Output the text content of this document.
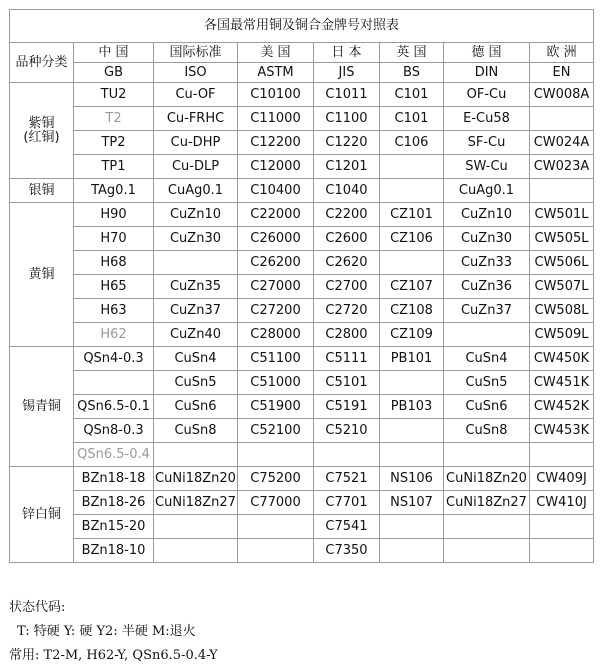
各国最常用铜及铜合金牌号对照表							
品种分类	中 国	国际标准	美 国	日 本	英 国	德 国	欧 洲
	GB	ISO	ASTM	JIS	BS	DIN	EN
紫铜
(红铜)	TU2	Cu-OF	C10100	C1011	C101	OF-Cu	CW008A
	T2	Cu-FRHC	C11000	C1100	C101	E-Cu58	
	TP2	Cu-DHP	C12200	C1220	C106	SF-Cu	CW024A
	TP1	Cu-DLP	C12000	C1201		SW-Cu	CW023A
银铜	TAg0.1	CuAg0.1	C10400	C1040		CuAg0.1	
黄铜	H90	CuZn10	C22000	C2200	CZ101	CuZn10	CW501L
	H70	CuZn30	C26000	C2600	CZ106	CuZn30	CW505L
	H68		C26200	C2620		CuZn33	CW506L
	H65	CuZn35	C27000	C2700	CZ107	CuZn36	CW507L
	H63	CuZn37	C27200	C2720	CZ108	CuZn37	CW508L
	H62	CuZn40	C28000	C2800	CZ109		CW509L
锡青铜	QSn4-0.3	CuSn4	C51100	C5111	PB101	CuSn4	CW450K
		CuSn5	C51000	C5101		CuSn5	CW451K
	QSn6.5-0.1	CuSn6	C51900	C5191	PB103	CuSn6	CW452K
	QSn8-0.3	CuSn8	C52100	C5210		CuSn8	CW453K
	QSn6.5-0.4						
锌白铜	BZn18-18	CuNi18Zn20	C75200	C7521	NS106	CuNi18Zn20	CW409J
	BZn18-26	CuNi18Zn27	C77000	C7701	NS107	CuNi18Zn27	CW410J
	BZn15-20			C7541			
	BZn18-10			C7350			
状态代码:
T: 特硬 Y: 硬 Y2: 半硬 M:退火
常用: T2-M, H62-Y, QSn6.5-0.4-Y
